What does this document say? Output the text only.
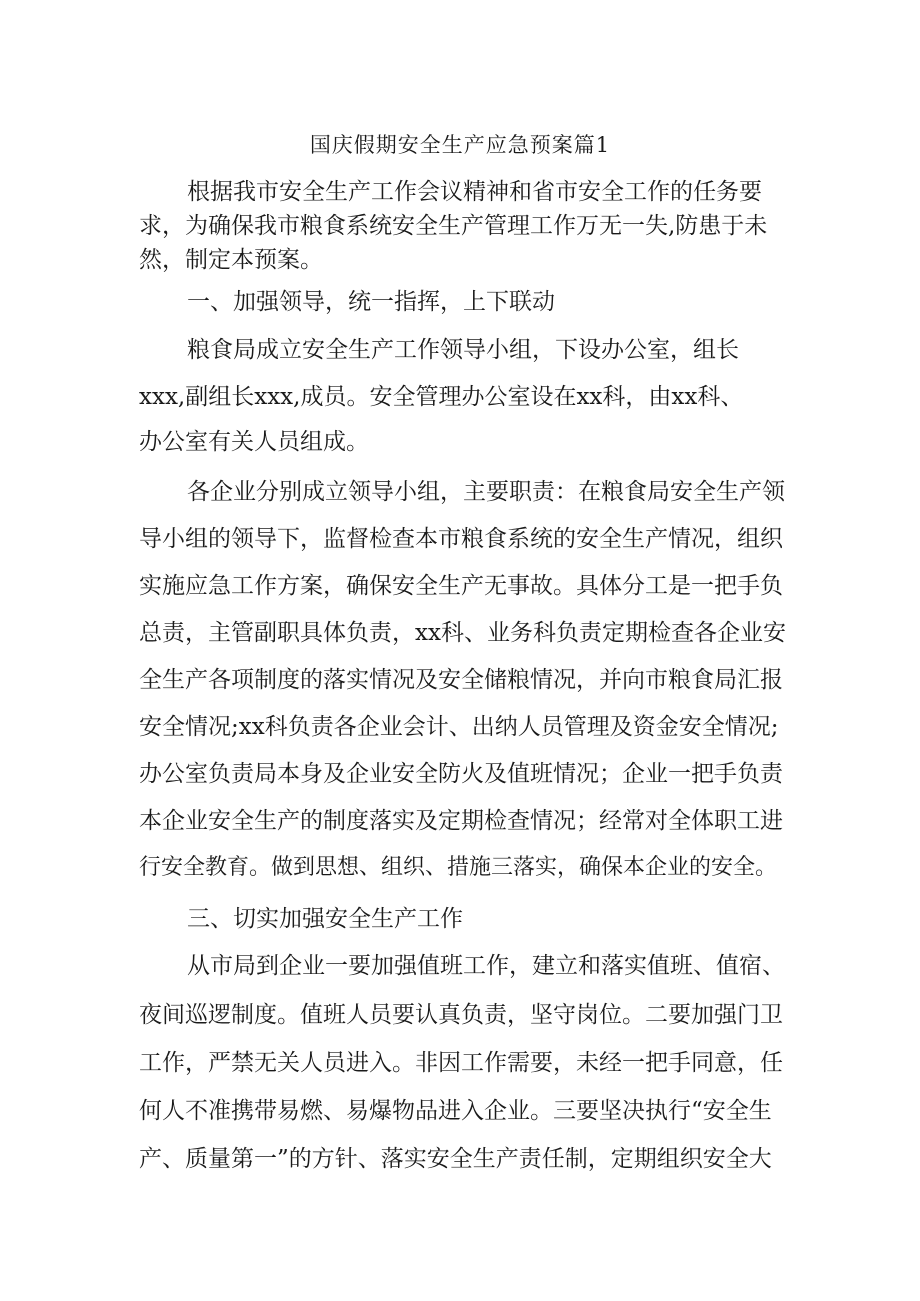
国庆假期安全生产应急预案篇1
根据我市安全生产工作会议精神和省市安全工作的任务要
求，为确保我市粮食系统安全生产管理工作万无一失,防患于未
然，制定本预案。
一、加强领导，统一指挥，上下联动
粮食局成立安全生产工作领导小组，下设办公室，组长
xxx,副组长xxx,成员。安全管理办公室设在xx科，由xx科、
办公室有关人员组成。
各企业分别成立领导小组，主要职责：在粮食局安全生产领
导小组的领导下，监督检查本市粮食系统的安全生产情况，组织
实施应急工作方案，确保安全生产无事故。具体分工是一把手负
总责，主管副职具体负责，xx科、业务科负责定期检查各企业安
全生产各项制度的落实情况及安全储粮情况，并向市粮食局汇报
安全情况;xx科负责各企业会计、出纳人员管理及资金安全情况;
办公室负责局本身及企业安全防火及值班情况；企业一把手负责
本企业安全生产的制度落实及定期检查情况；经常对全体职工进
行安全教育。做到思想、组织、措施三落实，确保本企业的安全。
三、切实加强安全生产工作
从市局到企业一要加强值班工作，建立和落实值班、值宿、
夜间巡逻制度。值班人员要认真负责，坚守岗位。二要加强门卫
工作，严禁无关人员进入。非因工作需要，未经一把手同意，任
何人不准携带易燃、易爆物品进入企业。三要坚决执行“安全生
产、质量第一”的方针、落实安全生产责任制，定期组织安全大
